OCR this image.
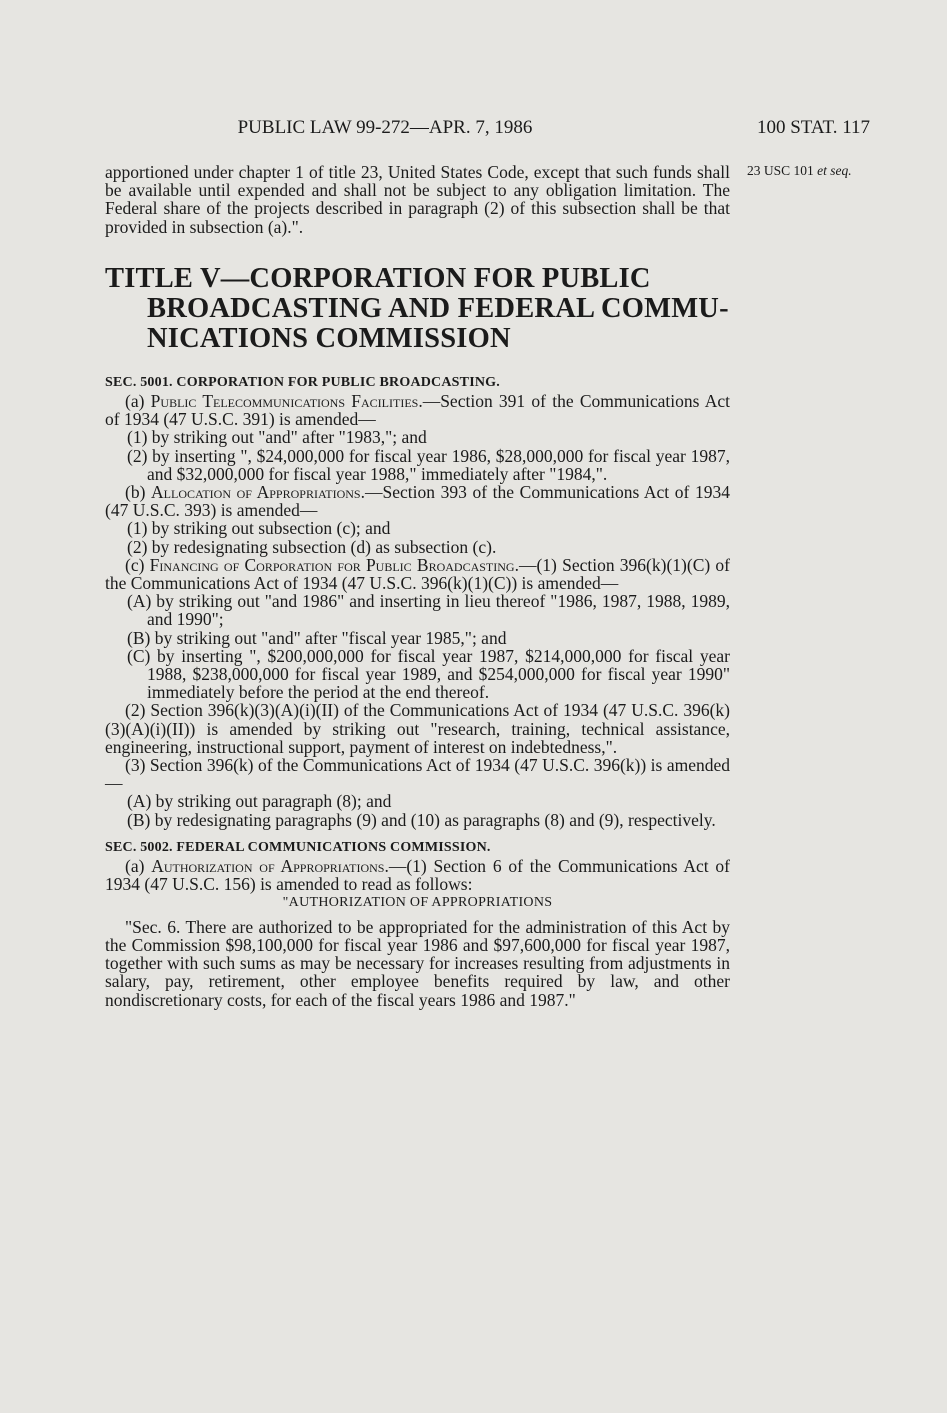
PUBLIC LAW 99-272—APR. 7, 1986	100 STAT. 117
23 USC 101 et seq.

apportioned under chapter 1 of title 23, United States Code, except that such funds shall be available until expended and shall not be subject to any obligation limitation. The Federal share of the projects described in paragraph (2) of this subsection shall be that provided in subsection (a).".

TITLE V—CORPORATION FOR PUBLIC
BROADCASTING AND FEDERAL COMMU-
NICATIONS COMMISSION

SEC. 5001. CORPORATION FOR PUBLIC BROADCASTING.

(a) Public Telecommunications Facilities.—Section 391 of the Communications Act of 1934 (47 U.S.C. 391) is amended—

(1) by striking out "and" after "1983,"; and

(2) by inserting ", $24,000,000 for fiscal year 1986, $28,000,000 for fiscal year 1987, and $32,000,000 for fiscal year 1988," immediately after "1984,".

(b) Allocation of Appropriations.—Section 393 of the Communications Act of 1934 (47 U.S.C. 393) is amended—

(1) by striking out subsection (c); and

(2) by redesignating subsection (d) as subsection (c).

(c) Financing of Corporation for Public Broadcasting.—(1) Section 396(k)(1)(C) of the Communications Act of 1934 (47 U.S.C. 396(k)(1)(C)) is amended—

(A) by striking out "and 1986" and inserting in lieu thereof "1986, 1987, 1988, 1989, and 1990";

(B) by striking out "and" after "fiscal year 1985,"; and

(C) by inserting ", $200,000,000 for fiscal year 1987, $214,000,000 for fiscal year 1988, $238,000,000 for fiscal year 1989, and $254,000,000 for fiscal year 1990" immediately before the period at the end thereof.

(2) Section 396(k)(3)(A)(i)(II) of the Communications Act of 1934 (47 U.S.C. 396(k)(3)(A)(i)(II)) is amended by striking out "research, training, technical assistance, engineering, instructional support, payment of interest on indebtedness,".

(3) Section 396(k) of the Communications Act of 1934 (47 U.S.C. 396(k)) is amended—

(A) by striking out paragraph (8); and

(B) by redesignating paragraphs (9) and (10) as paragraphs (8) and (9), respectively.

SEC. 5002. FEDERAL COMMUNICATIONS COMMISSION.

(a) Authorization of Appropriations.—(1) Section 6 of the Communications Act of 1934 (47 U.S.C. 156) is amended to read as follows:

"AUTHORIZATION OF APPROPRIATIONS

"Sec. 6. There are authorized to be appropriated for the administration of this Act by the Commission $98,100,000 for fiscal year 1986 and $97,600,000 for fiscal year 1987, together with such sums as may be necessary for increases resulting from adjustments in salary, pay, retirement, other employee benefits required by law, and other nondiscretionary costs, for each of the fiscal years 1986 and 1987."
